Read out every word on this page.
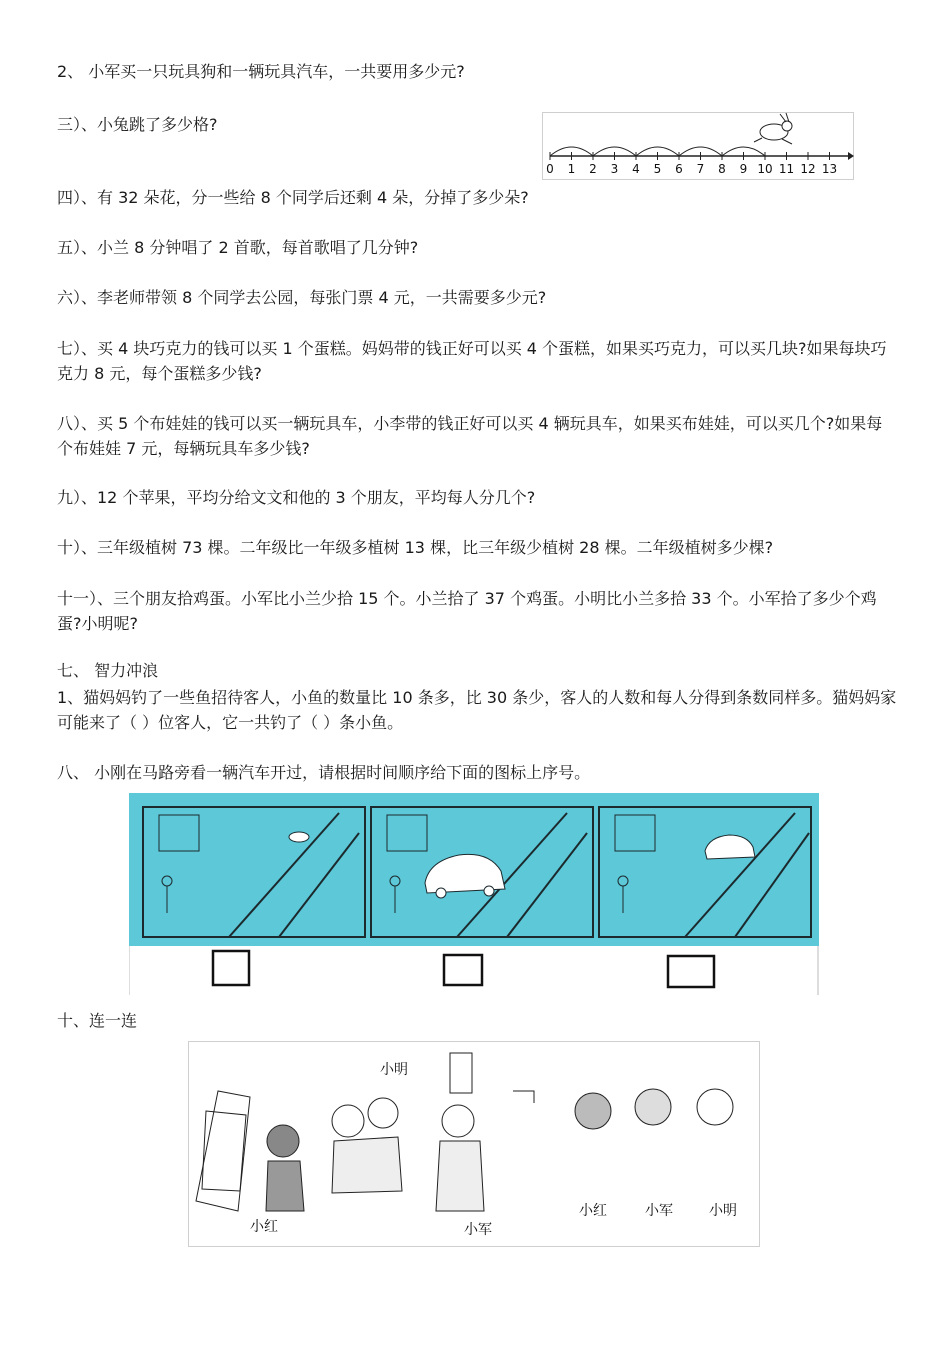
2、 小军买一只玩具狗和一辆玩具汽车，一共要用多少元?
三）、小兔跳了多少格?
0 1 2 3 4 5 6 7 8 9 10 11 12 13
四）、有 32 朵花，分一些给 8 个同学后还剩 4 朵，分掉了多少朵?
五）、小兰 8 分钟唱了 2 首歌，每首歌唱了几分钟?
六）、李老师带领 8 个同学去公园，每张门票 4 元，一共需要多少元?
七）、买 4 块巧克力的钱可以买 1 个蛋糕。妈妈带的钱正好可以买 4 个蛋糕，如果买巧克力，可以买几块?如果每块巧克力 8 元，每个蛋糕多少钱?
八）、买 5 个布娃娃的钱可以买一辆玩具车，小李带的钱正好可以买 4 辆玩具车，如果买布娃娃，可以买几个?如果每个布娃娃 7 元，每辆玩具车多少钱?
九）、12 个苹果，平均分给文文和他的 3 个朋友，平均每人分几个?
十）、三年级植树 73 棵。二年级比一年级多植树 13 棵，比三年级少植树 28 棵。二年级植树多少棵?
十一）、三个朋友拾鸡蛋。小军比小兰少拾 15 个。小兰拾了 37 个鸡蛋。小明比小兰多拾 33 个。小军拾了多少个鸡蛋?小明呢?
七、 智力冲浪
1、猫妈妈钓了一些鱼招待客人，小鱼的数量比 10 条多，比 30 条少，客人的人数和每人分得到条数同样多。猫妈妈家可能来了（ ）位客人，它一共钓了（ ）条小鱼。
八、 小刚在马路旁看一辆汽车开过，请根据时间顺序给下面的图标上序号。
十、连一连
小红
小明
小军
小红	小军	小明
